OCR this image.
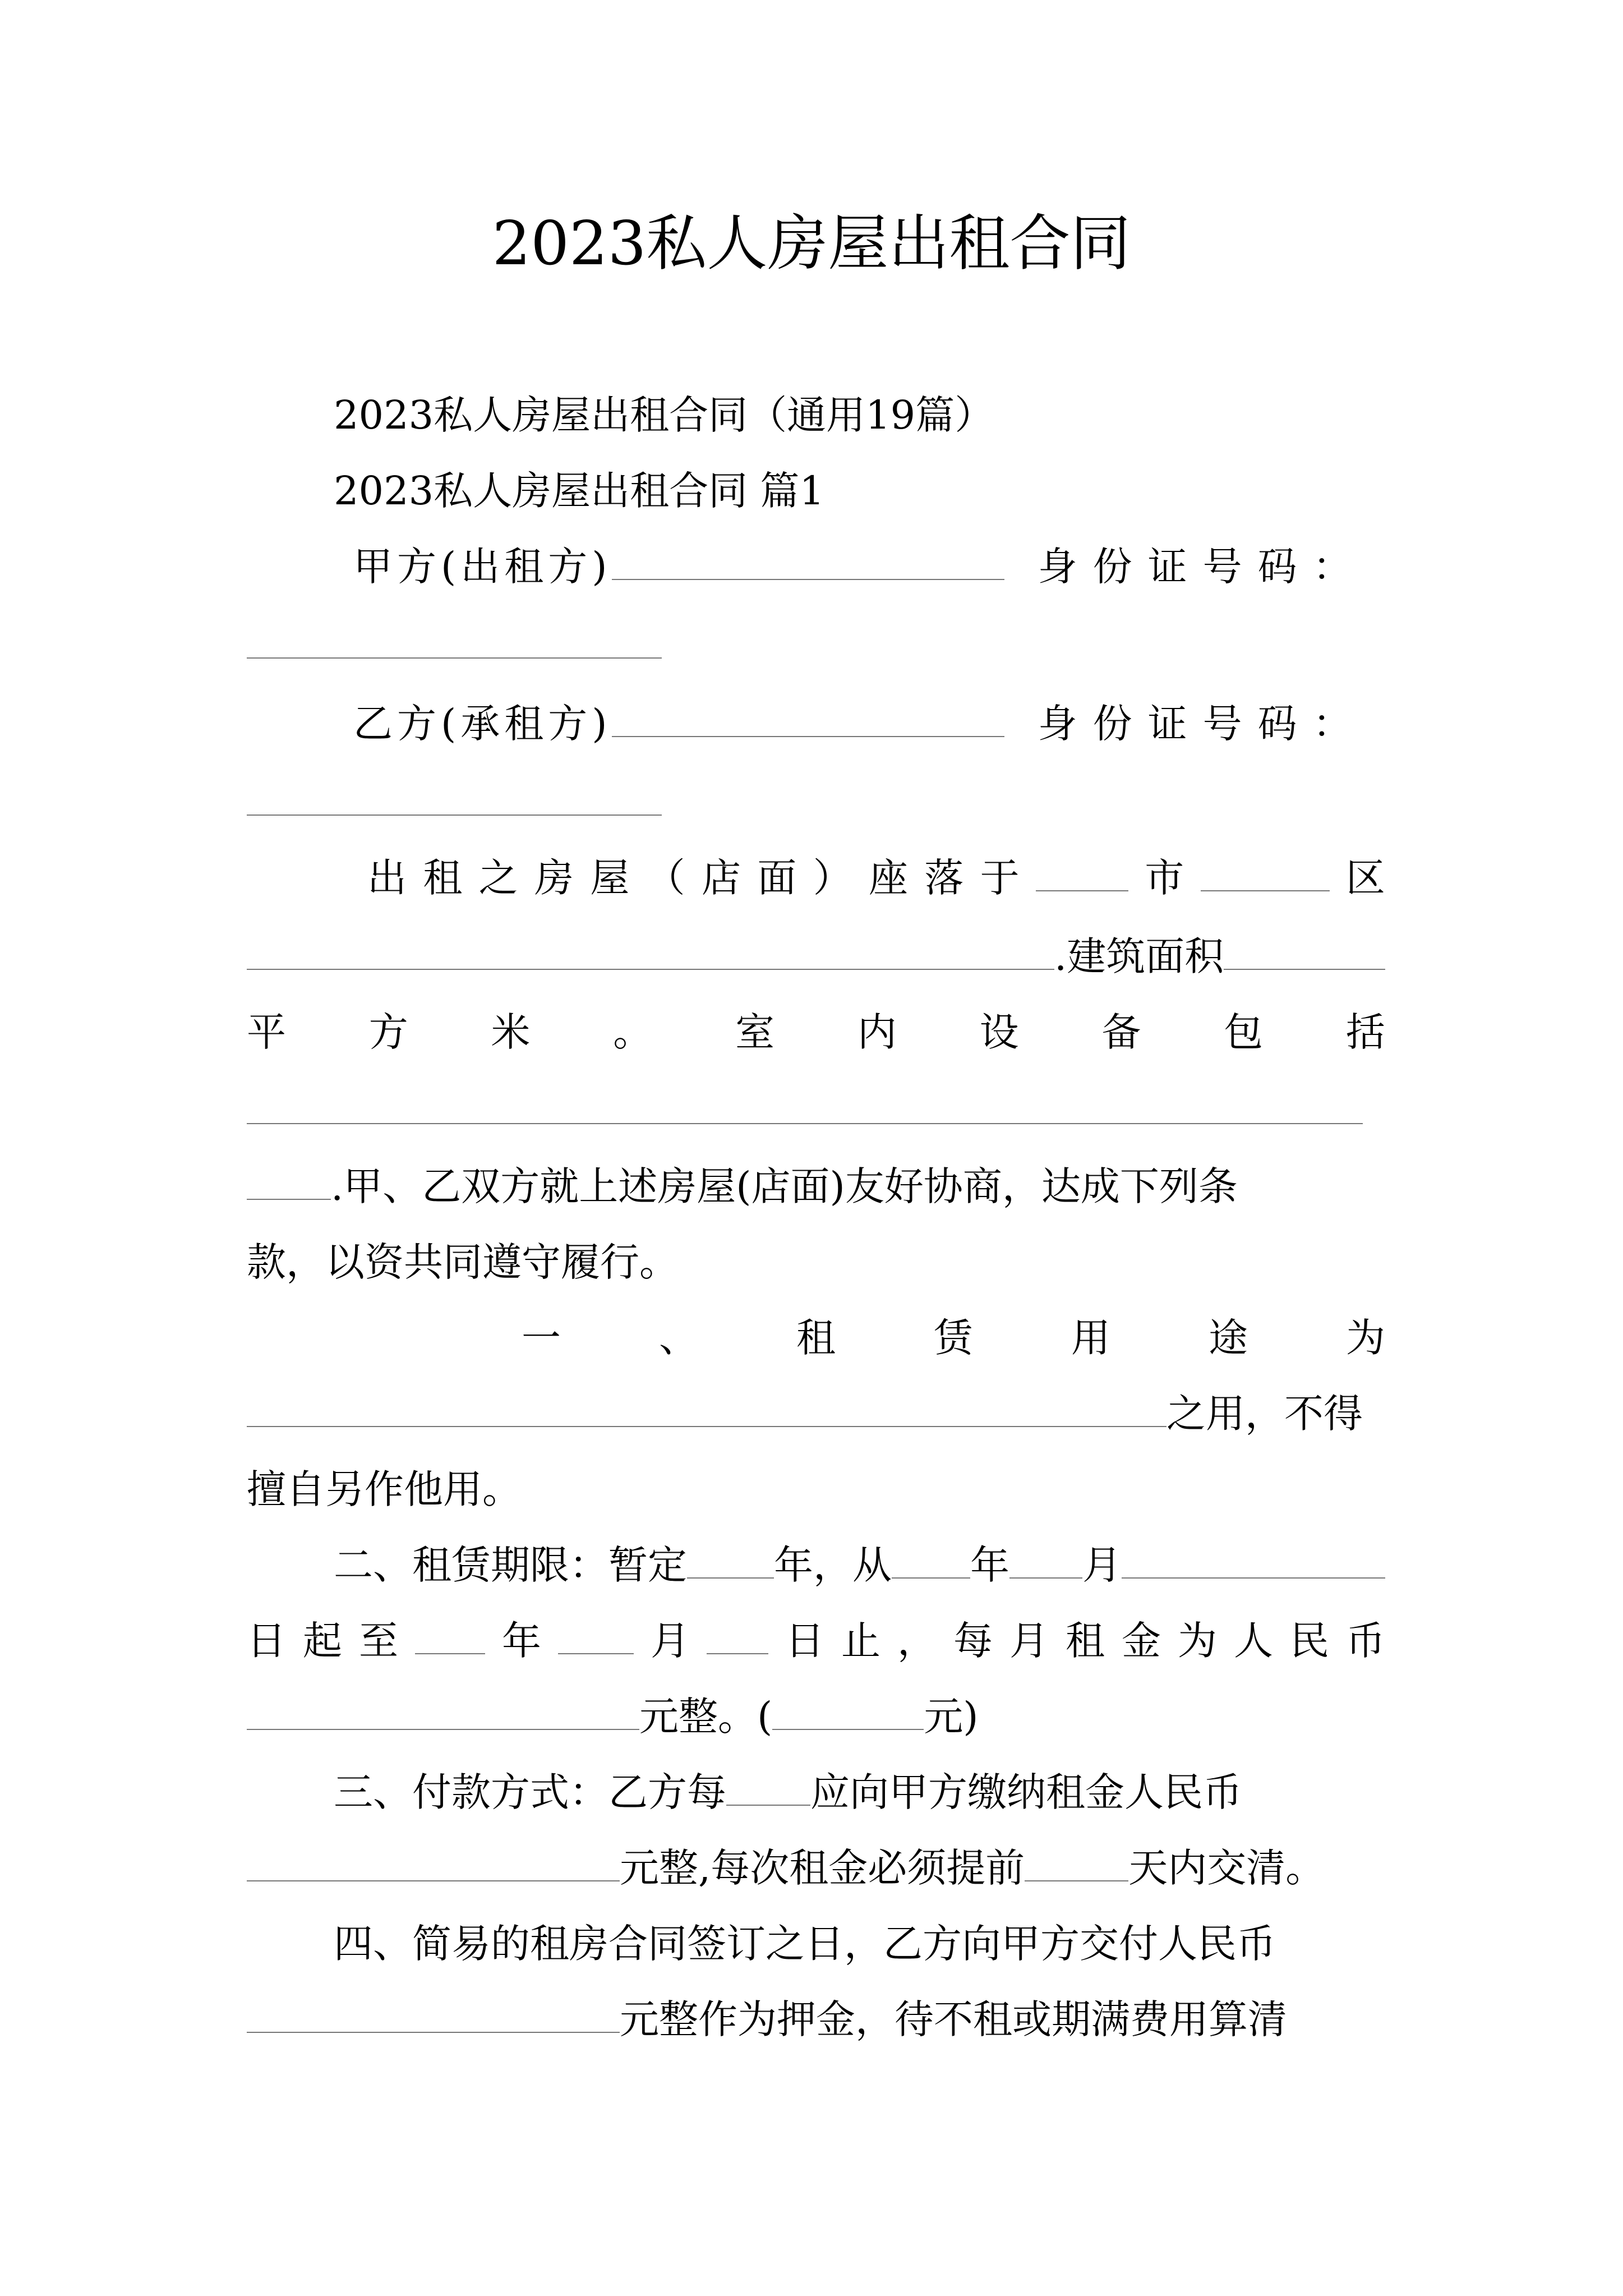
2023私人房屋出租合同
2023私人房屋出租合同（通用19篇）
2023私人房屋出租合同 篇1
甲方(出租方)	身份证号码：
乙方(承租方)	身份证号码：
出 租 之 房 屋 （ 店 面 ） 座 落 于	市	区
.建筑面积
平 方 米 。 室 内 设 备 包 括
.甲、乙双方就上述房屋(店面)友好协商，达成下列条
款，以资共同遵守履行。
一	、	租	赁	用	途	为
之用，不得
擅自另作他用。
二、租赁期限：暂定 年，从 年 月
日 起 至	年	月 日 止 ， 每 月 租 金 为 人 民 币
元整。(	元)
三、付款方式：乙方每 应向甲方缴纳租金人民币
元整,每次租金必须提前	天内交清。
四、简易的租房合同签订之日，乙方向甲方交付人民币
元整作为押金，待不租或期满费用算清
